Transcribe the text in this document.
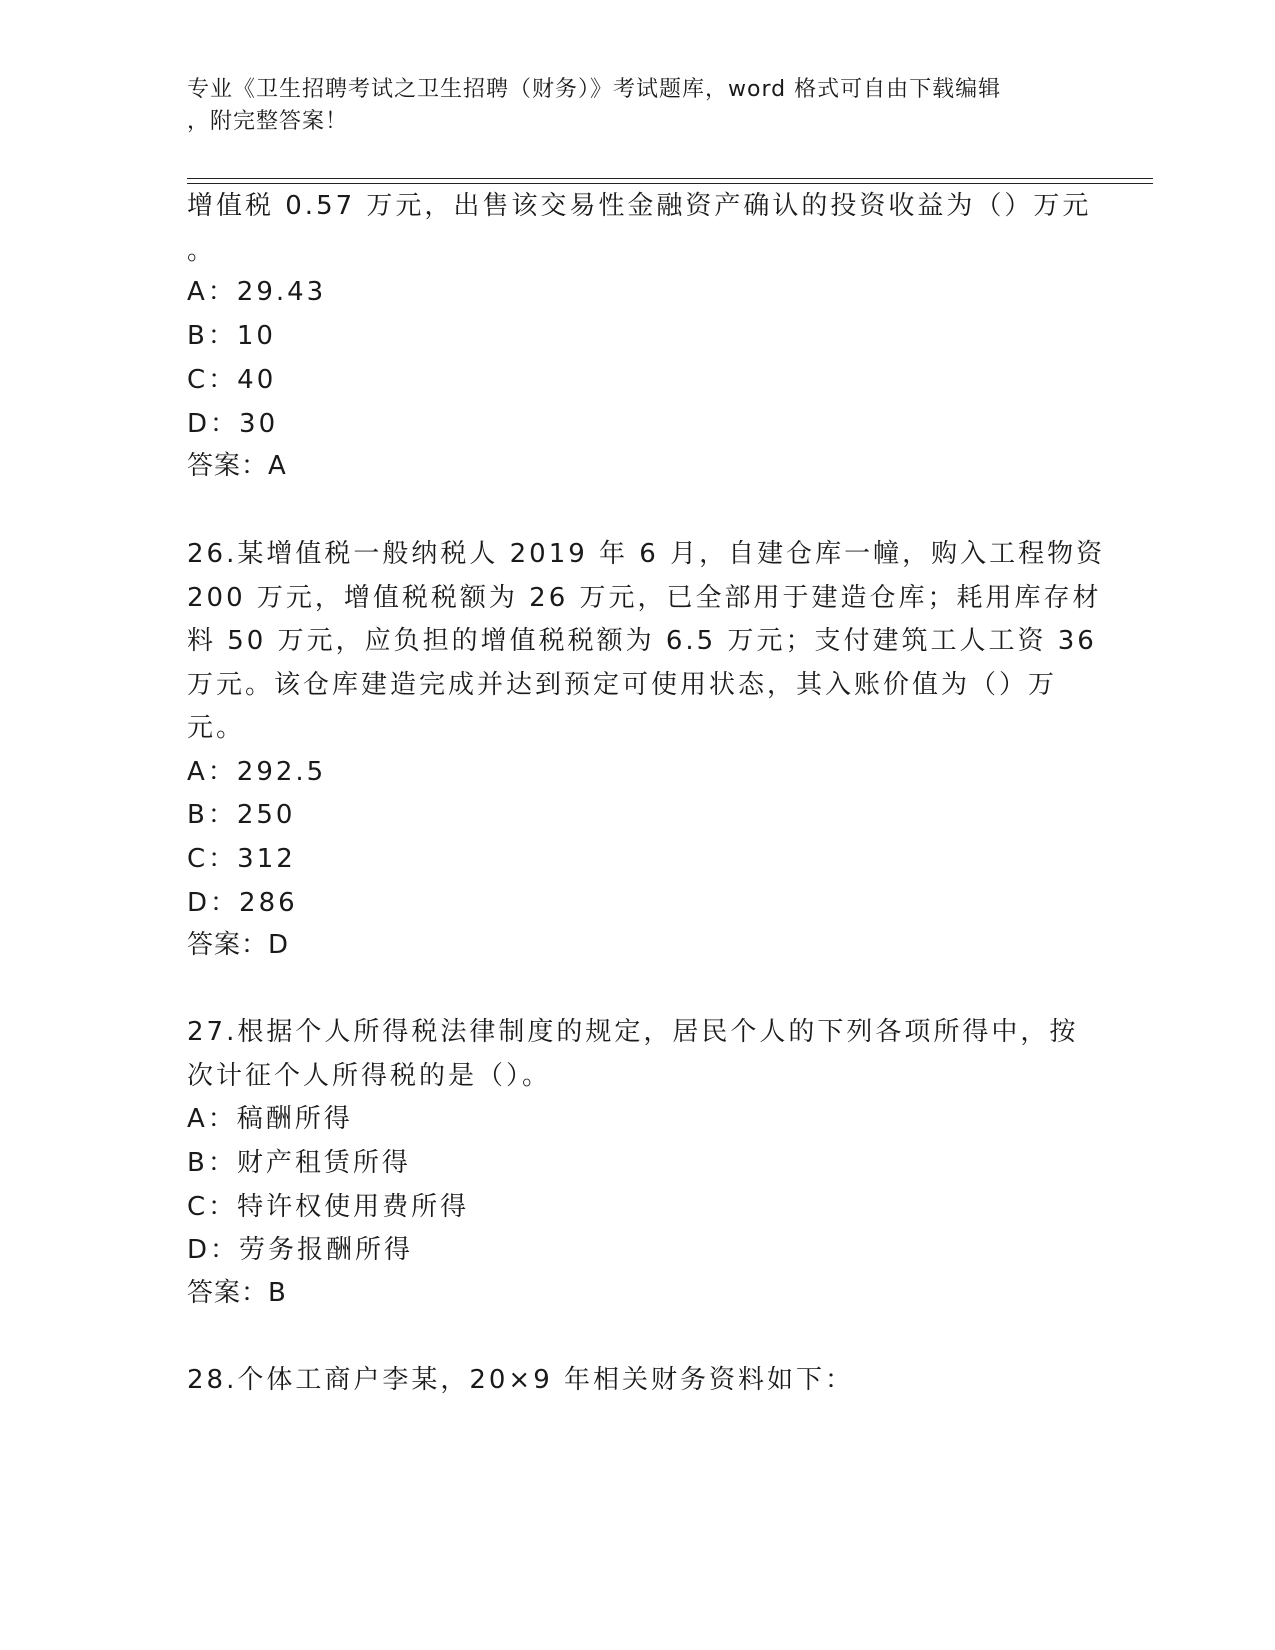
专业《卫生招聘考试之卫生招聘（财务）》考试题库，word 格式可自由下载编辑
，附完整答案！
增值税 0.57 万元，出售该交易性金融资产确认的投资收益为（）万元
。
A：29.43
B：10
C：40
D：30
答案：A
26.某增值税一般纳税人 2019 年 6 月，自建仓库一幢，购入工程物资
200 万元，增值税税额为 26 万元，已全部用于建造仓库；耗用库存材
料 50 万元，应负担的增值税税额为 6.5 万元；支付建筑工人工资 36
万元。该仓库建造完成并达到预定可使用状态，其入账价值为（）万
元。
A：292.5
B：250
C：312
D：286
答案：D
27.根据个人所得税法律制度的规定，居民个人的下列各项所得中，按
次计征个人所得税的是（）。
A：稿酬所得
B：财产租赁所得
C：特许权使用费所得
D：劳务报酬所得
答案：B
28.个体工商户李某，20×9 年相关财务资料如下：
